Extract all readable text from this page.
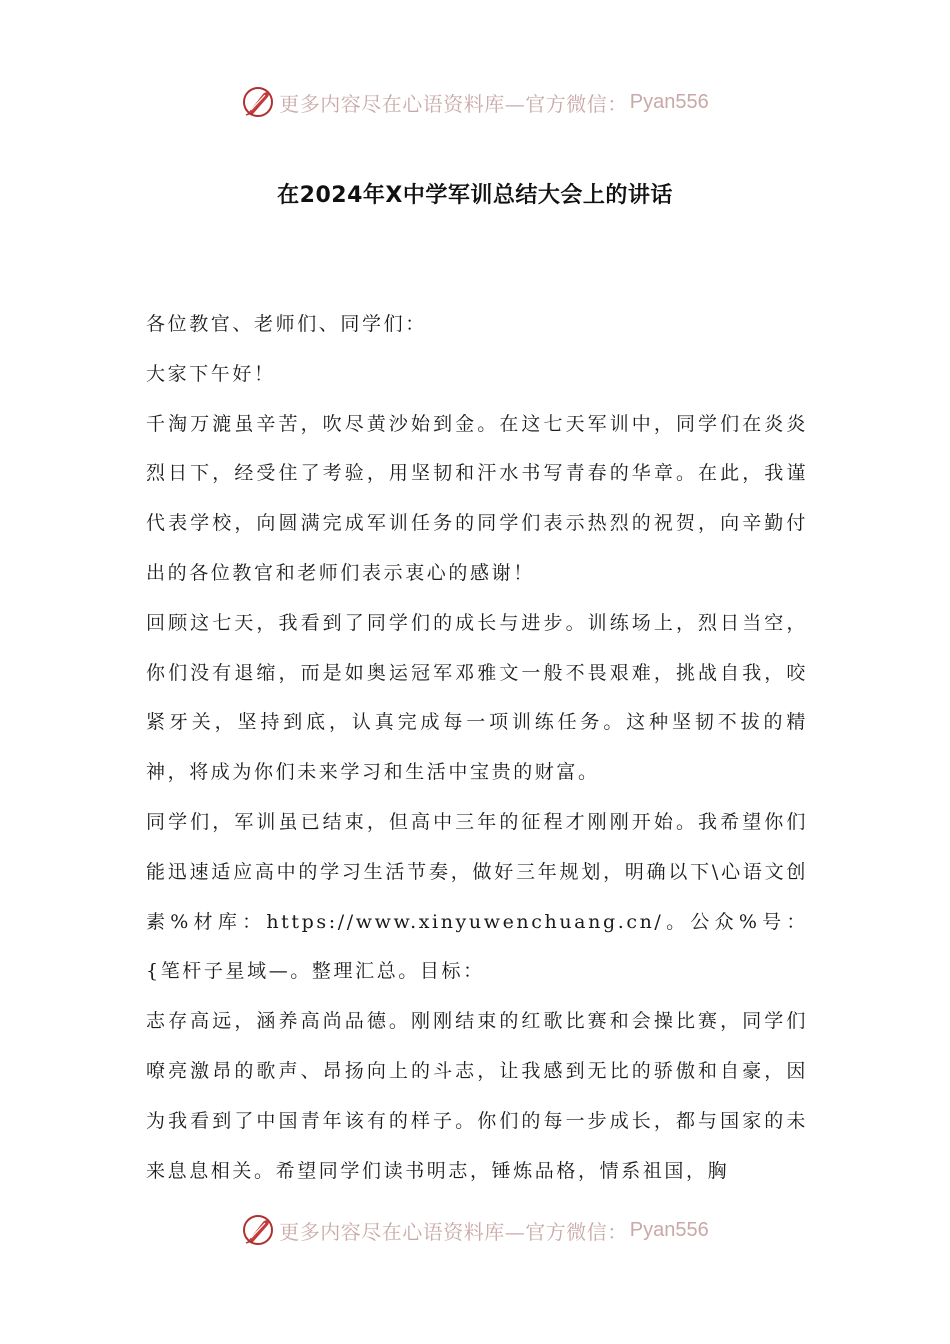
更多内容尽在心语资料库—官方微信： Pyan556
在2024年X中学军训总结大会上的讲话

各位教官、老师们、同学们：

大家下午好！

千淘万漉虽辛苦，吹尽黄沙始到金。在这七天军训中，同学们在炎炎烈日下，经受住了考验，用坚韧和汗水书写青春的华章。在此，我谨代表学校，向圆满完成军训任务的同学们表示热烈的祝贺，向辛勤付出的各位教官和老师们表示衷心的感谢！

回顾这七天，我看到了同学们的成长与进步。训练场上，烈日当空，你们没有退缩，而是如奥运冠军邓雅文一般不畏艰难，挑战自我，咬紧牙关，坚持到底，认真完成每一项训练任务。这种坚韧不拔的精神，将成为你们未来学习和生活中宝贵的财富。

同学们，军训虽已结束，但高中三年的征程才刚刚开始。我希望你们能迅速适应高中的学习生活节奏，做好三年规划，明确以下\心语文创素%材库：https://www.xinyuwenchuang.cn/。公众%号：{笔杆子星域—。整理汇总。目标：

志存高远，涵养高尚品德。刚刚结束的红歌比赛和会操比赛，同学们嘹亮激昂的歌声、昂扬向上的斗志，让我感到无比的骄傲和自豪，因为我看到了中国青年该有的样子。你们的每一步成长，都与国家的未来息息相关。希望同学们读书明志，锤炼品格，情系祖国，胸

更多内容尽在心语资料库—官方微信： Pyan556
